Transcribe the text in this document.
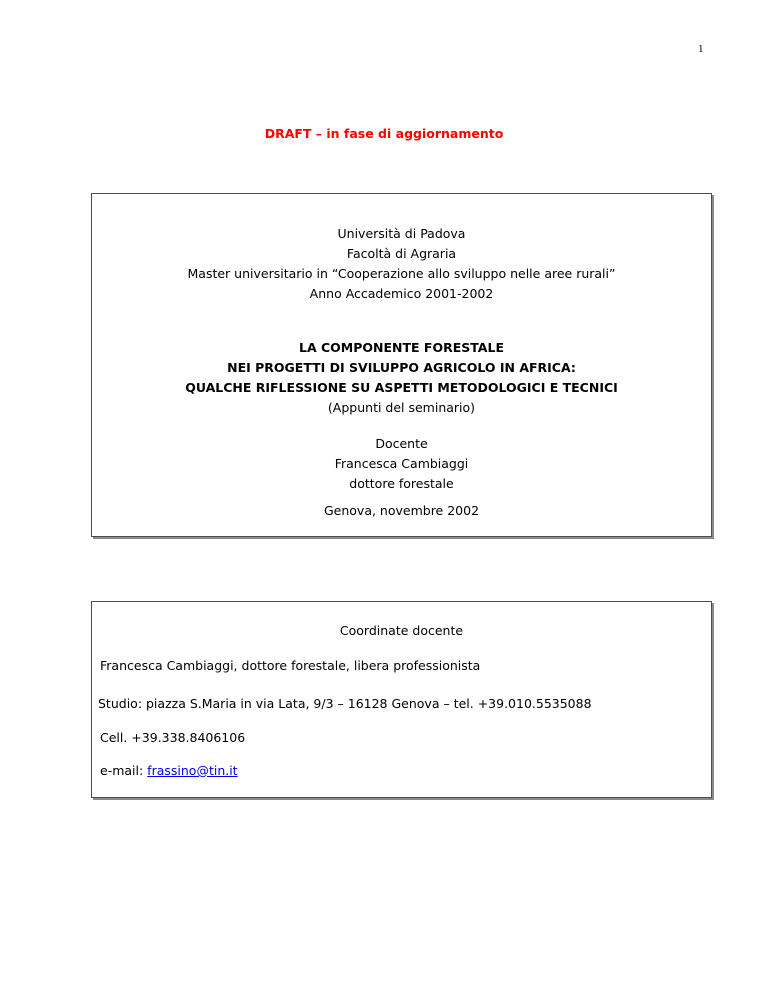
1
DRAFT – in fase di aggiornamento
Università di Padova
Facoltà di Agraria
Master universitario in “Cooperazione allo sviluppo nelle aree rurali”
Anno Accademico 2001-2002
LA COMPONENTE FORESTALE
NEI PROGETTI DI SVILUPPO AGRICOLO IN AFRICA:
QUALCHE RIFLESSIONE SU ASPETTI METODOLOGICI E TECNICI
(Appunti del seminario)
Docente
Francesca Cambiaggi
dottore forestale
Genova, novembre 2002
Coordinate docente
Francesca Cambiaggi, dottore forestale, libera professionista
Studio: piazza S.Maria in via Lata, 9/3 – 16128 Genova – tel. +39.010.5535088
Cell. +39.338.8406106
e-mail: frassino@tin.it
